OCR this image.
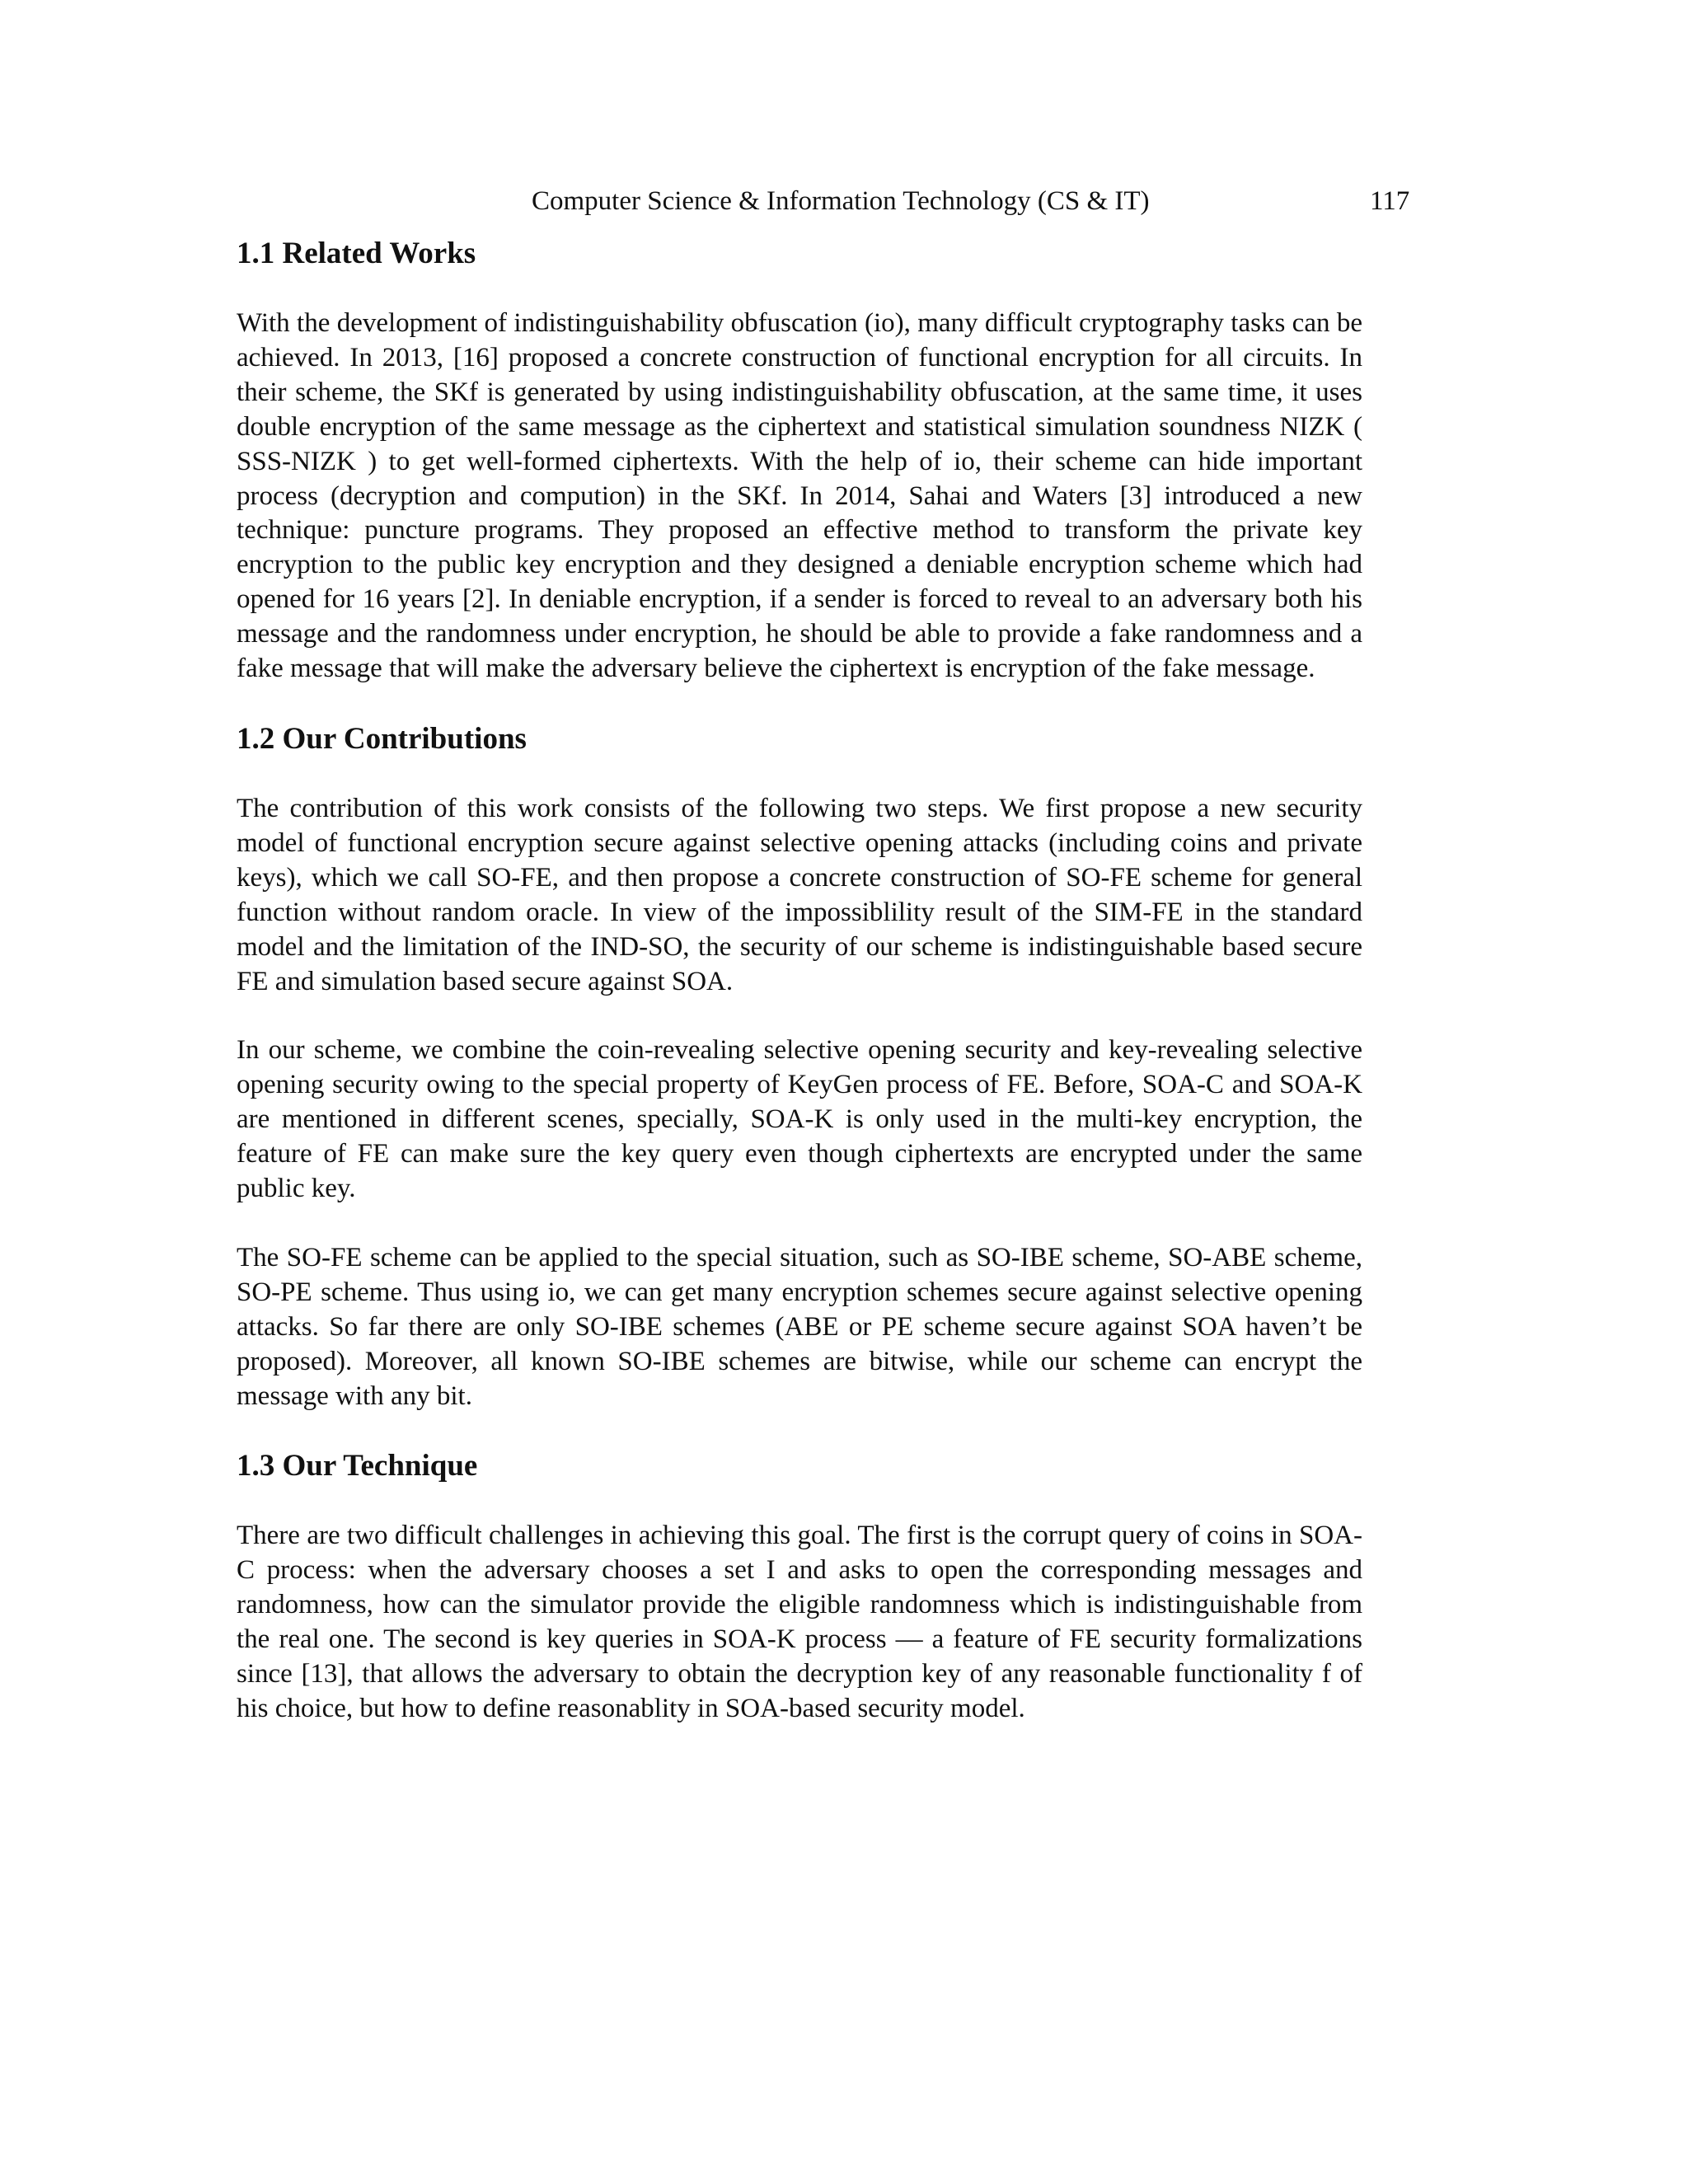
Computer Science & Information Technology (CS & IT)	117
1.1 Related Works

With the development of indistinguishability obfuscation (io), many difficult cryptography tasks can be achieved. In 2013, [16] proposed a concrete construction of functional encryption for all circuits. In their scheme, the SKf is generated by using indistinguishability obfuscation, at the same time, it uses double encryption of the same message as the ciphertext and statistical simulation soundness NIZK ( SSS-NIZK ) to get well-formed ciphertexts. With the help of io, their scheme can hide important process (decryption and compution) in the SKf. In 2014, Sahai and Waters [3] introduced a new technique: puncture programs. They proposed an effective method to transform the private key encryption to the public key encryption and they designed a deniable encryption scheme which had opened for 16 years [2]. In deniable encryption, if a sender is forced to reveal to an adversary both his message and the randomness under encryption, he should be able to provide a fake randomness and a fake message that will make the adversary believe the ciphertext is encryption of the fake message.

1.2 Our Contributions

The contribution of this work consists of the following two steps. We first propose a new security model of functional encryption secure against selective opening attacks (including coins and private keys), which we call SO-FE, and then propose a concrete construction of SO-FE scheme for general function without random oracle. In view of the impossiblility result of the SIM-FE in the standard model and the limitation of the IND-SO, the security of our scheme is indistinguishable based secure FE and simulation based secure against SOA.

In our scheme, we combine the coin-revealing selective opening security and key-revealing selective opening security owing to the special property of KeyGen process of FE. Before, SOA-C and SOA-K are mentioned in different scenes, specially, SOA-K is only used in the multi-key encryption, the feature of FE can make sure the key query even though ciphertexts are encrypted under the same public key.

The SO-FE scheme can be applied to the special situation, such as SO-IBE scheme, SO-ABE scheme, SO-PE scheme. Thus using io, we can get many encryption schemes secure against selective opening attacks. So far there are only SO-IBE schemes (ABE or PE scheme secure against SOA haven’t be proposed). Moreover, all known SO-IBE schemes are bitwise, while our scheme can encrypt the message with any bit.

1.3 Our Technique

There are two difficult challenges in achieving this goal. The first is the corrupt query of coins in SOA-C process: when the adversary chooses a set I and asks to open the corresponding messages and randomness, how can the simulator provide the eligible randomness which is indistinguishable from the real one. The second is key queries in SOA-K process — a feature of FE security formalizations since [13], that allows the adversary to obtain the decryption key of any reasonable functionality f of his choice, but how to define reasonablity in SOA-based security model.
